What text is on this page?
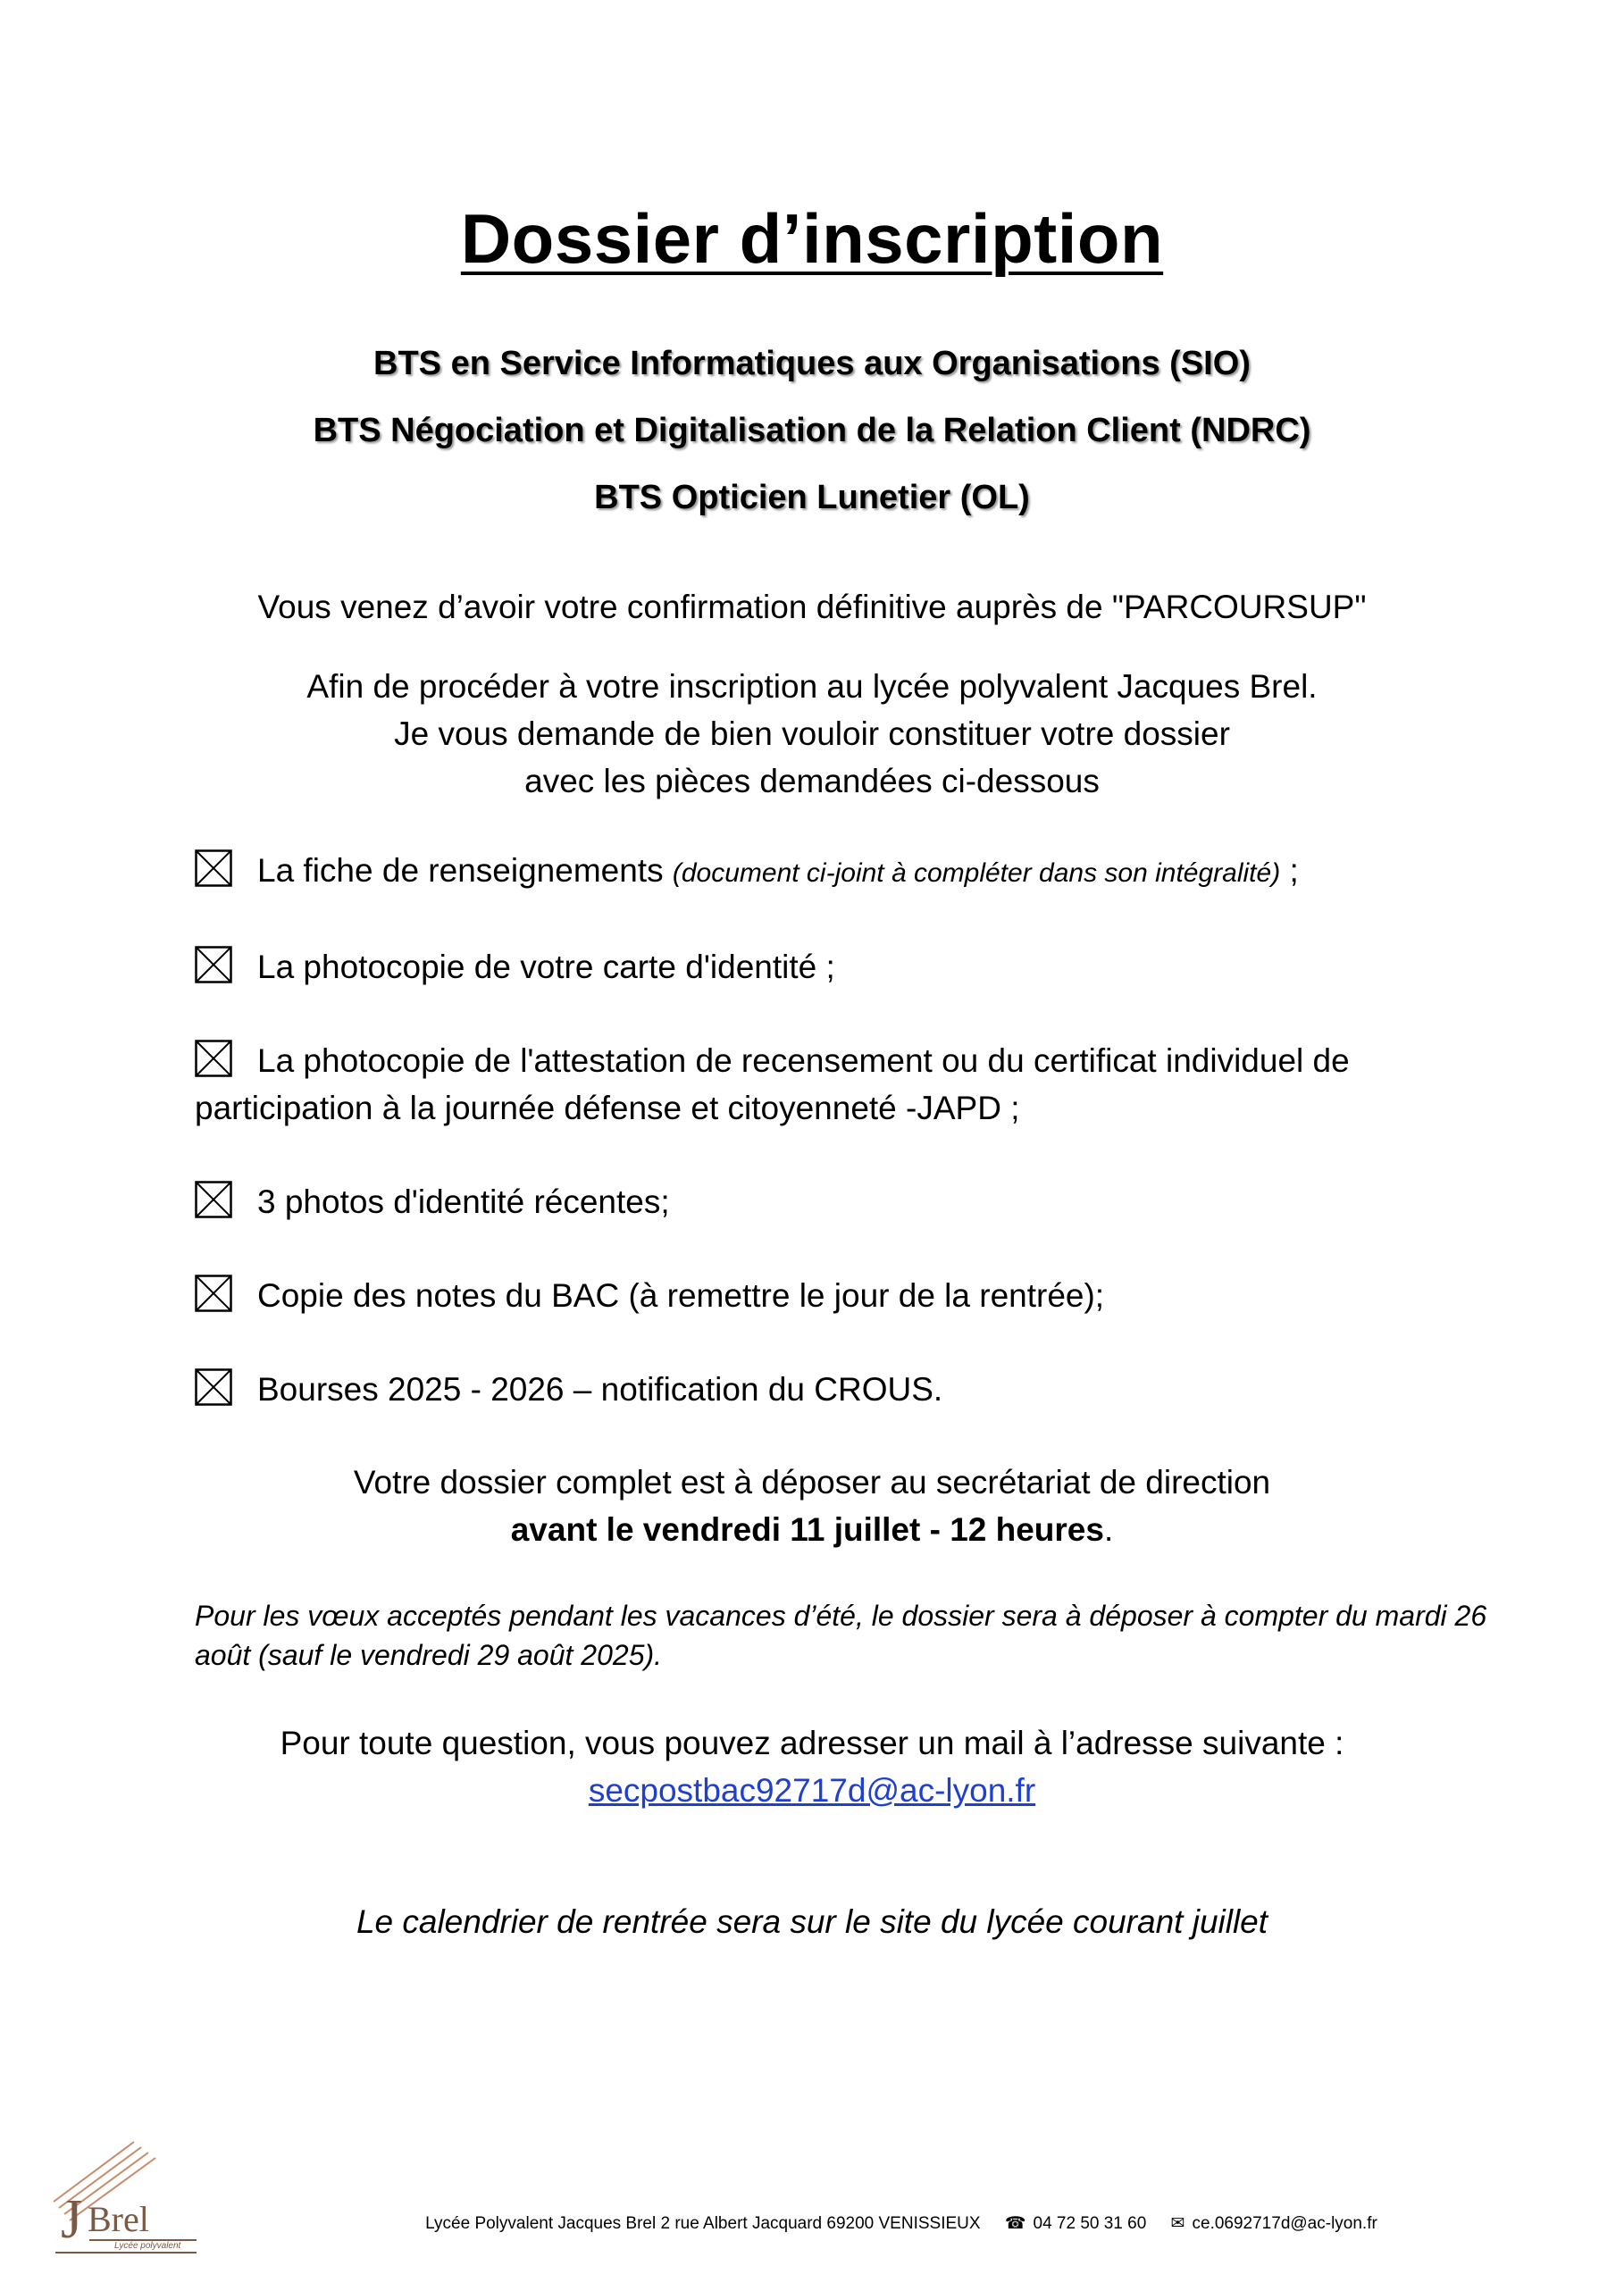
Dossier d’inscription
BTS en Service Informatiques aux Organisations (SIO)
BTS Négociation et Digitalisation de la Relation Client (NDRC)
BTS Opticien Lunetier (OL)
Vous venez d’avoir votre confirmation définitive auprès de "PARCOURSUP"
Afin de procéder à votre inscription au lycée polyvalent Jacques Brel.
Je vous demande de bien vouloir constituer votre dossier
avec les pièces demandées ci-dessous
La fiche de renseignements (document ci-joint à compléter dans son intégralité) ;
La photocopie de votre carte d'identité ;
La photocopie de l'attestation de recensement ou du certificat individuel de
participation à la journée défense et citoyenneté -JAPD ;
3 photos d'identité récentes;
Copie des notes du BAC (à remettre le jour de la rentrée);
Bourses 2025 - 2026 – notification du CROUS.
Votre dossier complet est à déposer au secrétariat de direction
avant le vendredi 11 juillet - 12 heures.
Pour les vœux acceptés pendant les vacances d’été, le dossier sera à déposer à compter du mardi 26 août (sauf le vendredi 29 août 2025).
Pour toute question, vous pouvez adresser un mail à l’adresse suivante :
secpostbac92717d@ac-lyon.fr
Le calendrier de rentrée sera sur le site du lycée courant juillet
J Brel
Lycée polyvalent
Lycée Polyvalent Jacques Brel 2 rue Albert Jacquard 69200 VENISSIEUX ☎ 04 72 50 31 60 ✉ ce.0692717d@ac-lyon.fr
